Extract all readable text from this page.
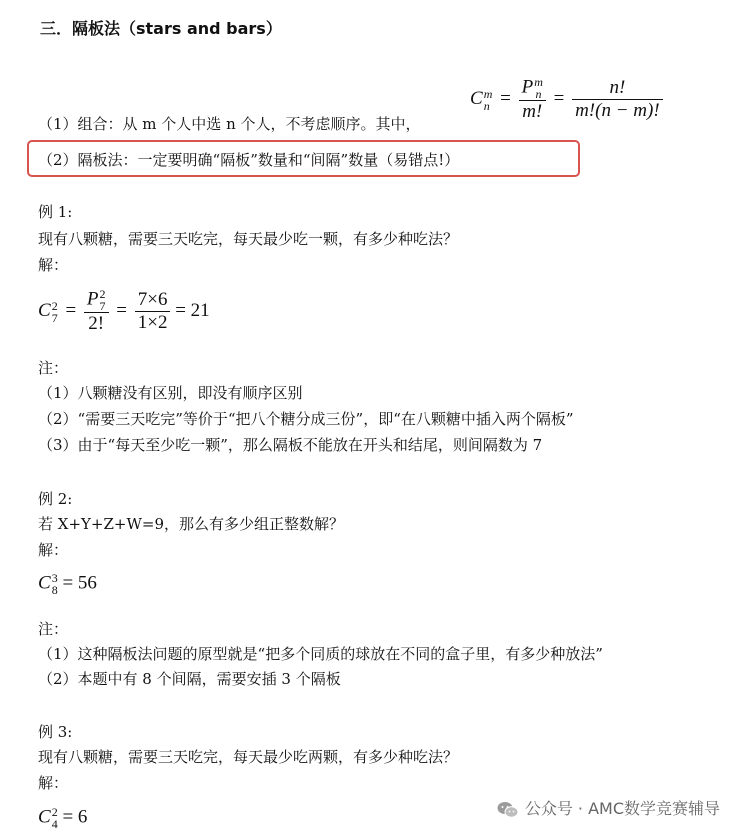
三．隔板法（stars and bars）
C m
n = P m
n
m! = $\frac{n!}{m!(n - m)!}$
（1）组合：从 m 个人中选 n 个人，不考虑顺序。其中，
（2）隔板法：一定要明确“隔板”数量和“间隔”数量（易错点!）
例 1:
现有八颗糖，需要三天吃完，每天最少吃一颗，有多少种吃法？
解：
C 2
7 = P 2
7
2! = $\frac{7\times 6}{1\times 2} = 21$
注：
（1）八颗糖没有区别，即没有顺序区别
（2）“需要三天吃完”等价于“把八个糖分成三份”，即“在八颗糖中插入两个隔板”
（3）由于“每天至少吃一颗”，那么隔板不能放在开头和结尾，则间隔数为 7
例 2:
若 X+Y+Z+W=9，那么有多少组正整数解？
解：
C 3
8 = 56
注：
（1）这种隔板法问题的原型就是“把多个同质的球放在不同的盒子里，有多少种放法”
（2）本题中有 8 个间隔，需要安插 3 个隔板
例 3:
现有八颗糖，需要三天吃完，每天最少吃两颗，有多少种吃法？
解：
C 2
4 = 6	公众号 · AMC数学竞赛辅导
